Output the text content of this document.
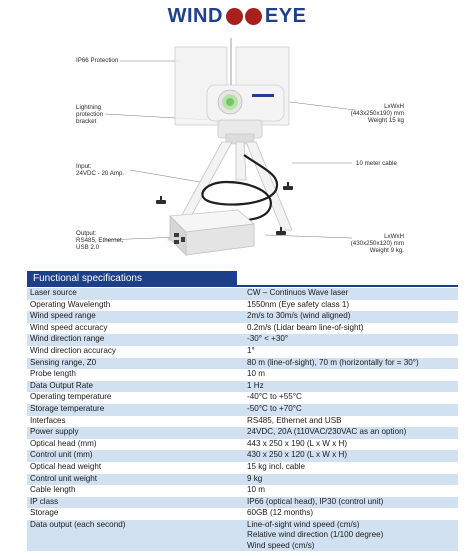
WIND EYE
IP66 Protection
Lightning
protection
bracket
Input:
24VDC - 20 Amp.
Output:
RS485, Ethernet,
USB 2.0
LxWxH
(443x250x190) mm
Weight 15 kg
10 meter cable
LxWxH
(430x250x120) mm
Weight 9 kg.
Functional specifications
Laser source	CW – Continuos Wave laser

Operating Wavelength	1550nm (Eye safety class 1)

Wind speed range	2m/s to 30m/s (wind aligned)

Wind speed accuracy	0.2m/s (Lidar beam line-of-sight)

Wind direction range	-30° < +30°

Wind direction accuracy	1°

Sensing range, Z0	80 m (line-of-sight), 70 m (horizontally for = 30°)

Probe length	10 m

Data Output Rate	1 Hz

Operating temperature	-40°C to +55°C

Storage temperature	-50°C to +70°C

Interfaces	RS485, Ethernet and USB

Power supply	24VDC, 20A (110VAC/230VAC as an option)

Optical head (mm)	443 x 250 x 190 (L x W x H)

Control unit (mm)	430 x 250 x 120 (L x W x H)

Optical head weight	15 kg incl. cable

Control unit weight	9 kg

Cable length	10 m

IP class	IP66 (optical head), IP30 (control unit)

Storage	60GB (12 months)

Data output (each second)	Line-of-sight wind speed (cm/s)
Relative wind direction (1/100 degree)
Wind speed (cm/s)
